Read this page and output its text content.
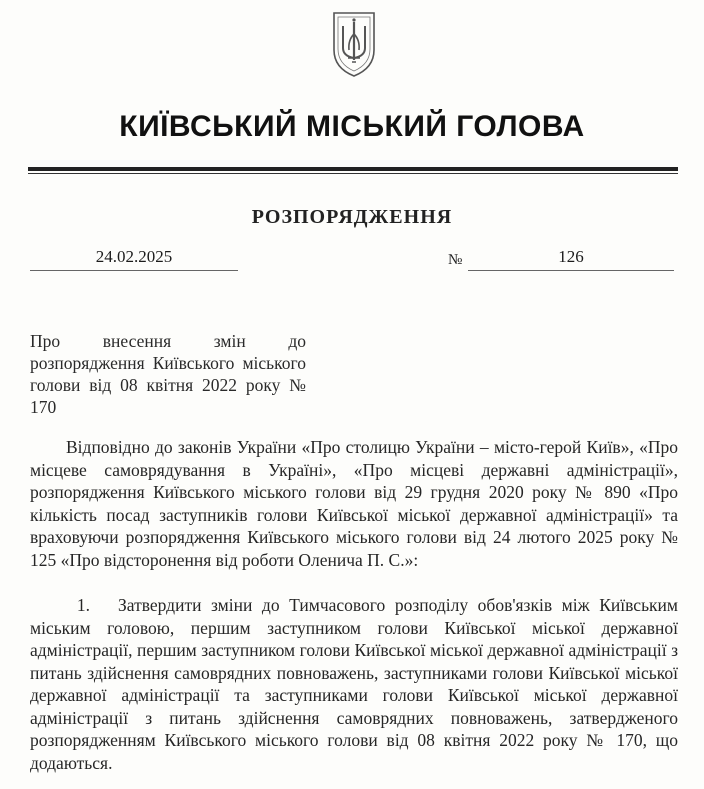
КИЇВСЬКИЙ МІСЬКИЙ ГОЛОВА
РОЗПОРЯДЖЕННЯ
24.02.2025	№	126
Про внесення змін до розпорядження Київського міського голови від 08 квітня 2022 року № 170
Відповідно до законів України «Про столицю України – місто-герой Київ», «Про місцеве самоврядування в Україні», «Про місцеві державні адміністрації», розпорядження Київського міського голови від 29 грудня 2020 року № 890 «Про кількість посад заступників голови Київської міської державної адміністрації» та враховуючи розпорядження Київського міського голови від 24 лютого 2025 року № 125 «Про відсторонення від роботи Оленича П. С.»:
1. Затвердити зміни до Тимчасового розподілу обов'язків між Київським міським головою, першим заступником голови Київської міської державної адміністрації, першим заступником голови Київської міської державної адміністрації з питань здійснення самоврядних повноважень, заступниками голови Київської міської державної адміністрації та заступниками голови Київської міської державної адміністрації з питань здійснення самоврядних повноважень, затвердженого розпорядженням Київського міського голови від 08 квітня 2022 року № 170, що додаються.
